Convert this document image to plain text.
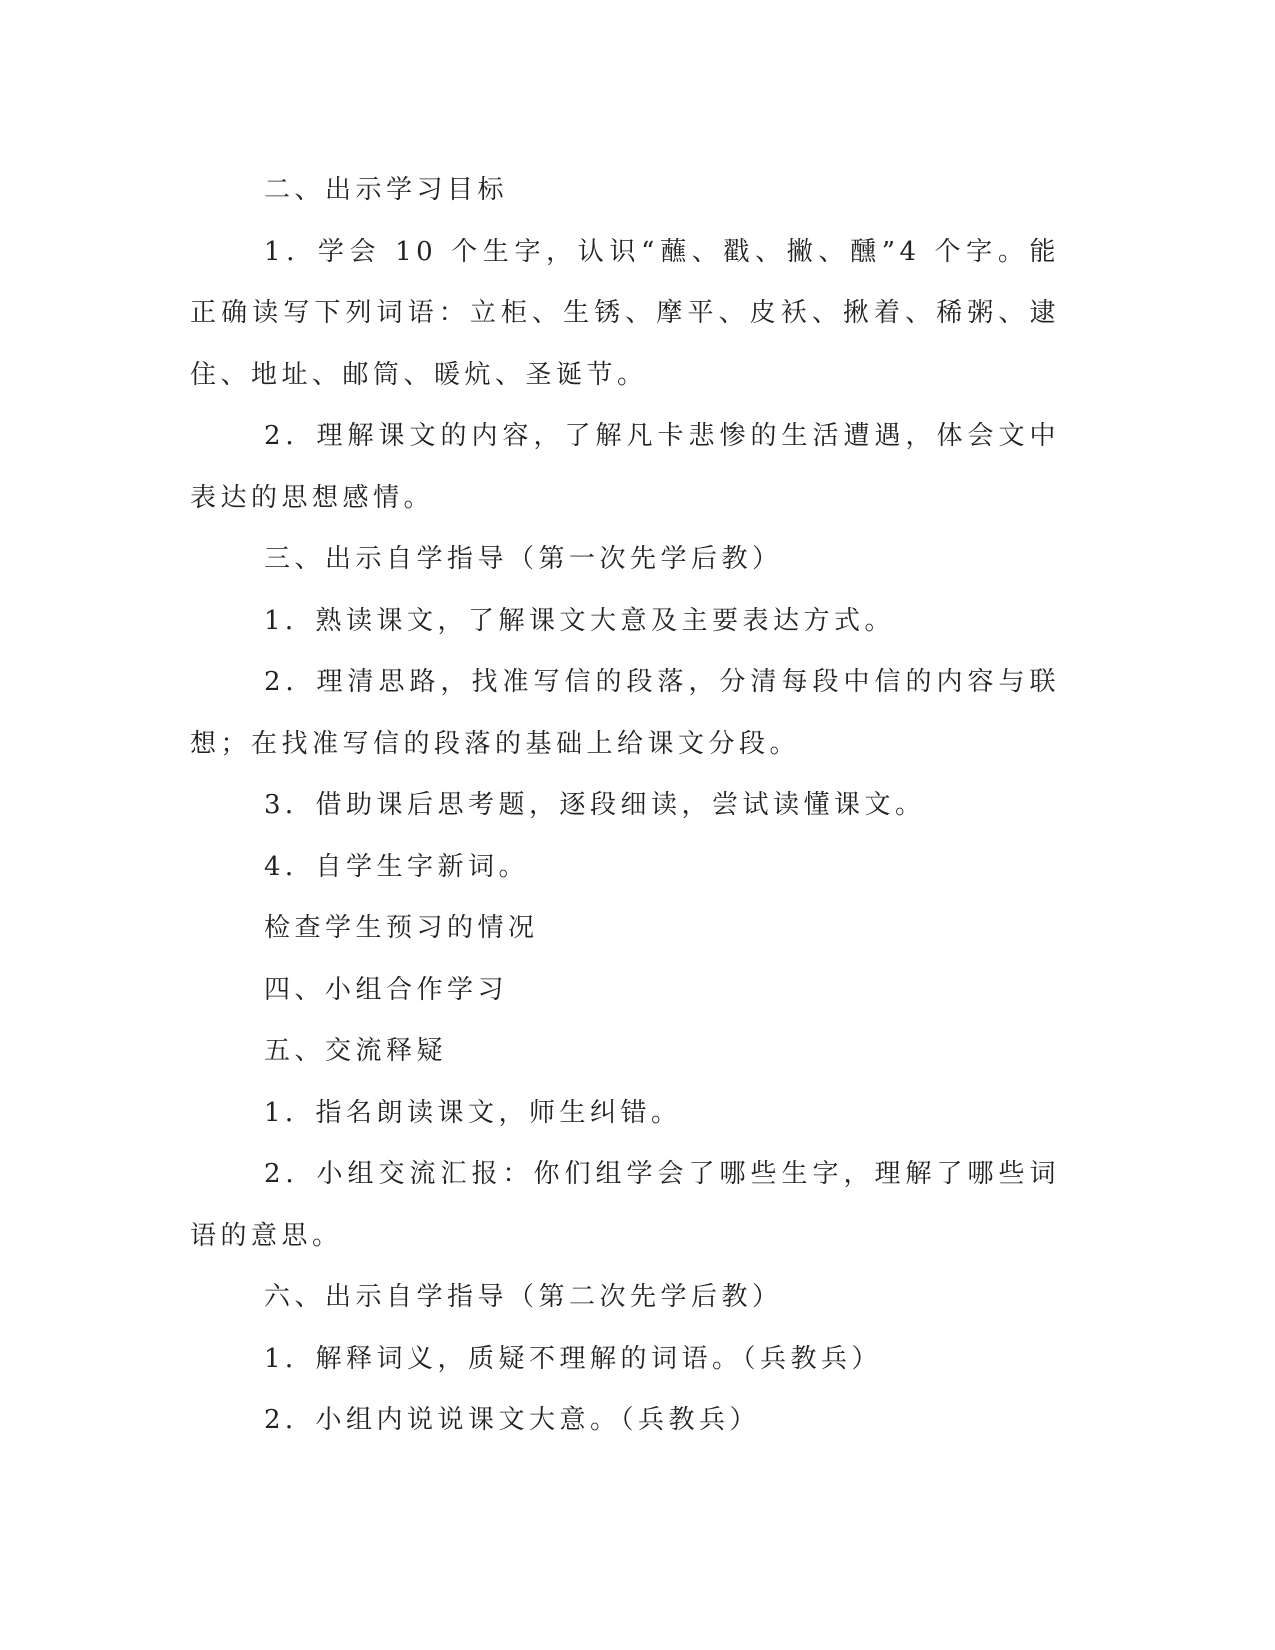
二、出示学习目标

1．学会 10 个生字，认识“蘸、戳、撇、醺”4 个字。能正确读写下列词语：立柜、生锈、摩平、皮袄、揪着、稀粥、逮住、地址、邮筒、暖炕、圣诞节。

2．理解课文的内容，了解凡卡悲惨的生活遭遇，体会文中表达的思想感情。

三、出示自学指导（第一次先学后教）

1．熟读课文，了解课文大意及主要表达方式。

2．理清思路，找准写信的段落，分清每段中信的内容与联想；在找准写信的段落的基础上给课文分段。

3．借助课后思考题，逐段细读，尝试读懂课文。

4．自学生字新词。

检查学生预习的情况

四、小组合作学习

五、交流释疑

1．指名朗读课文，师生纠错。

2．小组交流汇报：你们组学会了哪些生字，理解了哪些词语的意思。

六、出示自学指导（第二次先学后教）

1．解释词义，质疑不理解的词语。（兵教兵）

2．小组内说说课文大意。（兵教兵）
